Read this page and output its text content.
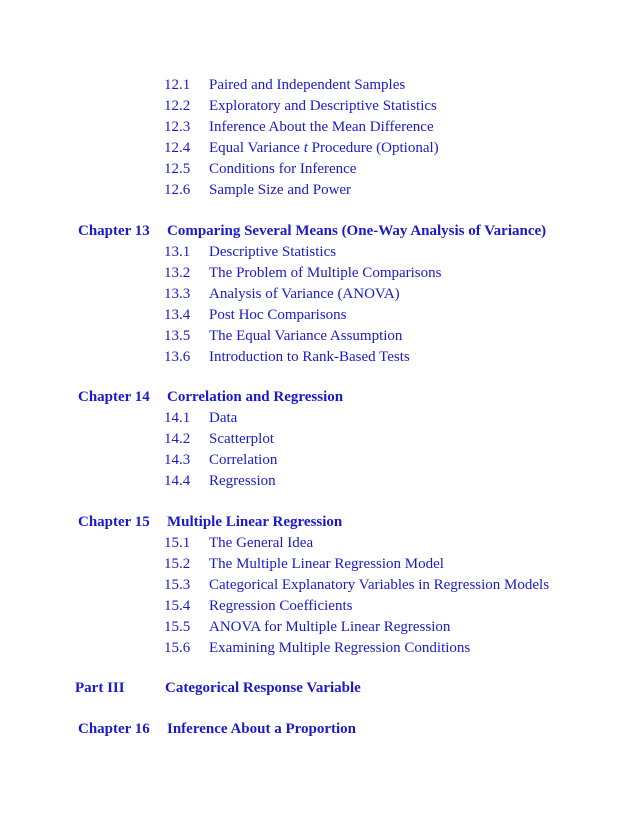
12.1 Paired and Independent Samples
12.2 Exploratory and Descriptive Statistics
12.3 Inference About the Mean Difference
12.4 Equal Variance t Procedure (Optional)
12.5 Conditions for Inference
12.6 Sample Size and Power
Chapter 13 Comparing Several Means (One-Way Analysis of Variance)
13.1 Descriptive Statistics
13.2 The Problem of Multiple Comparisons
13.3 Analysis of Variance (ANOVA)
13.4 Post Hoc Comparisons
13.5 The Equal Variance Assumption
13.6 Introduction to Rank-Based Tests
Chapter 14 Correlation and Regression
14.1 Data
14.2 Scatterplot
14.3 Correlation
14.4 Regression
Chapter 15 Multiple Linear Regression
15.1 The General Idea
15.2 The Multiple Linear Regression Model
15.3 Categorical Explanatory Variables in Regression Models
15.4 Regression Coefficients
15.5 ANOVA for Multiple Linear Regression
15.6 Examining Multiple Regression Conditions
Part III	Categorical Response Variable
Chapter 16 Inference About a Proportion
